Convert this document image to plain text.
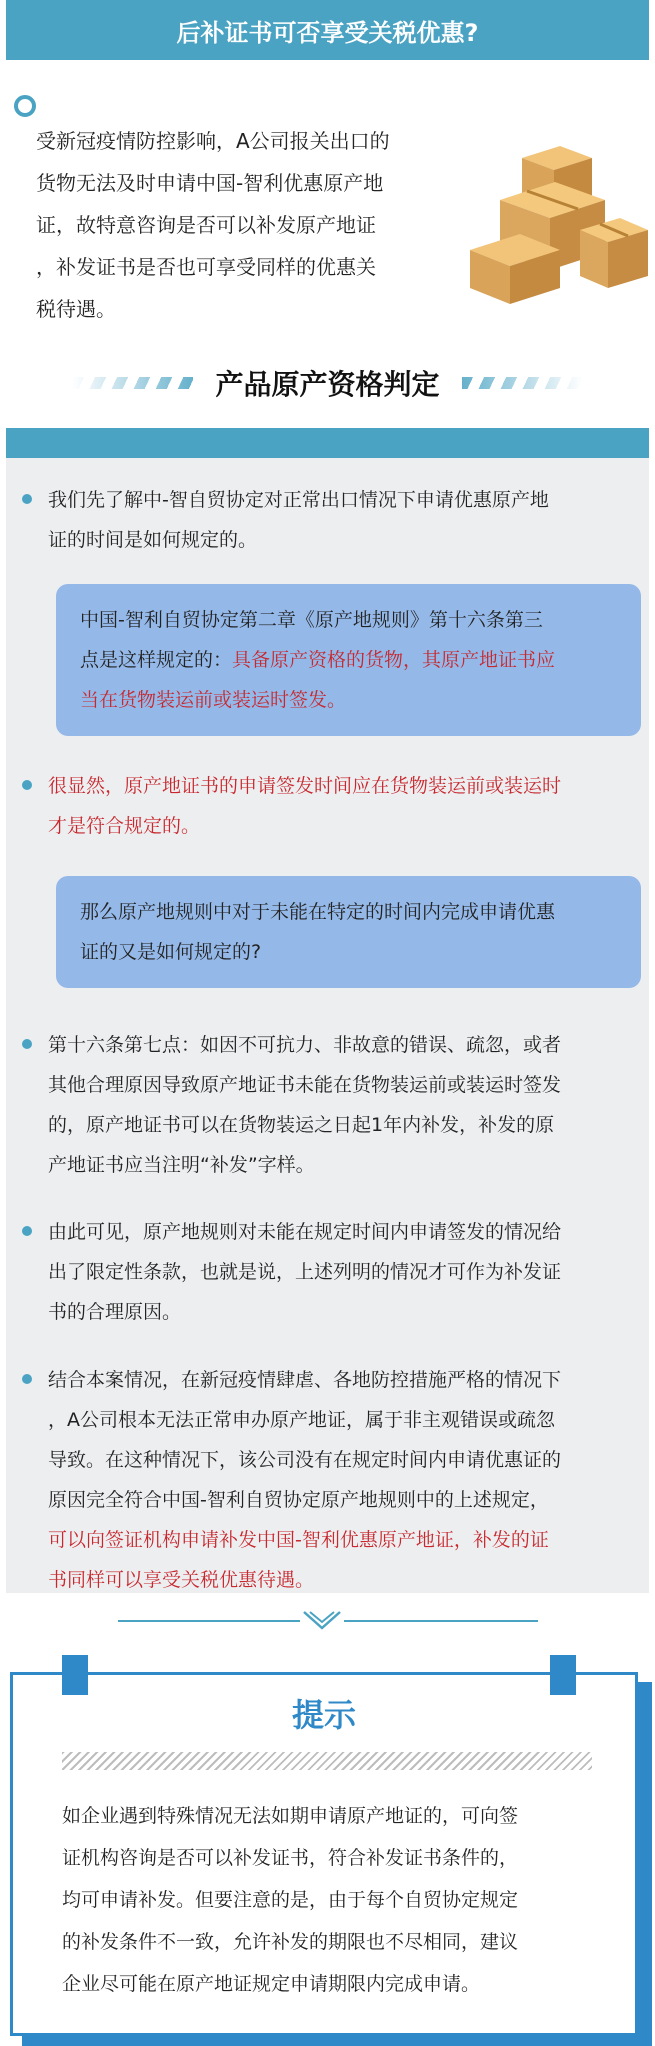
后补证书可否享受关税优惠?
受新冠疫情防控影响，A公司报关出口的
货物无法及时申请中国-智利优惠原产地
证，故特意咨询是否可以补发原产地证
，补发证书是否也可享受同样的优惠关
税待遇。
产品原产资格判定
我们先了解中-智自贸协定对正常出口情况下申请优惠原产地
证的时间是如何规定的。
中国-智利自贸协定第二章《原产地规则》第十六条第三
点是这样规定的：具备原产资格的货物，其原产地证书应
当在货物装运前或装运时签发。
很显然，原产地证书的申请签发时间应在货物装运前或装运时
才是符合规定的。
那么原产地规则中对于未能在特定的时间内完成申请优惠
证的又是如何规定的?
第十六条第七点：如因不可抗力、非故意的错误、疏忽，或者
其他合理原因导致原产地证书未能在货物装运前或装运时签发
的，原产地证书可以在货物装运之日起1年内补发，补发的原
产地证书应当注明“补发”字样。
由此可见，原产地规则对未能在规定时间内申请签发的情况给
出了限定性条款，也就是说，上述列明的情况才可作为补发证
书的合理原因。
结合本案情况，在新冠疫情肆虐、各地防控措施严格的情况下
，A公司根本无法正常申办原产地证，属于非主观错误或疏忽
导致。在这种情况下，该公司没有在规定时间内申请优惠证的
原因完全符合中国-智利自贸协定原产地规则中的上述规定，
可以向签证机构申请补发中国-智利优惠原产地证，补发的证
书同样可以享受关税优惠待遇。
提示
如企业遇到特殊情况无法如期申请原产地证的，可向签
证机构咨询是否可以补发证书，符合补发证书条件的，
均可申请补发。但要注意的是，由于每个自贸协定规定
的补发条件不一致，允许补发的期限也不尽相同，建议
企业尽可能在原产地证规定申请期限内完成申请。
